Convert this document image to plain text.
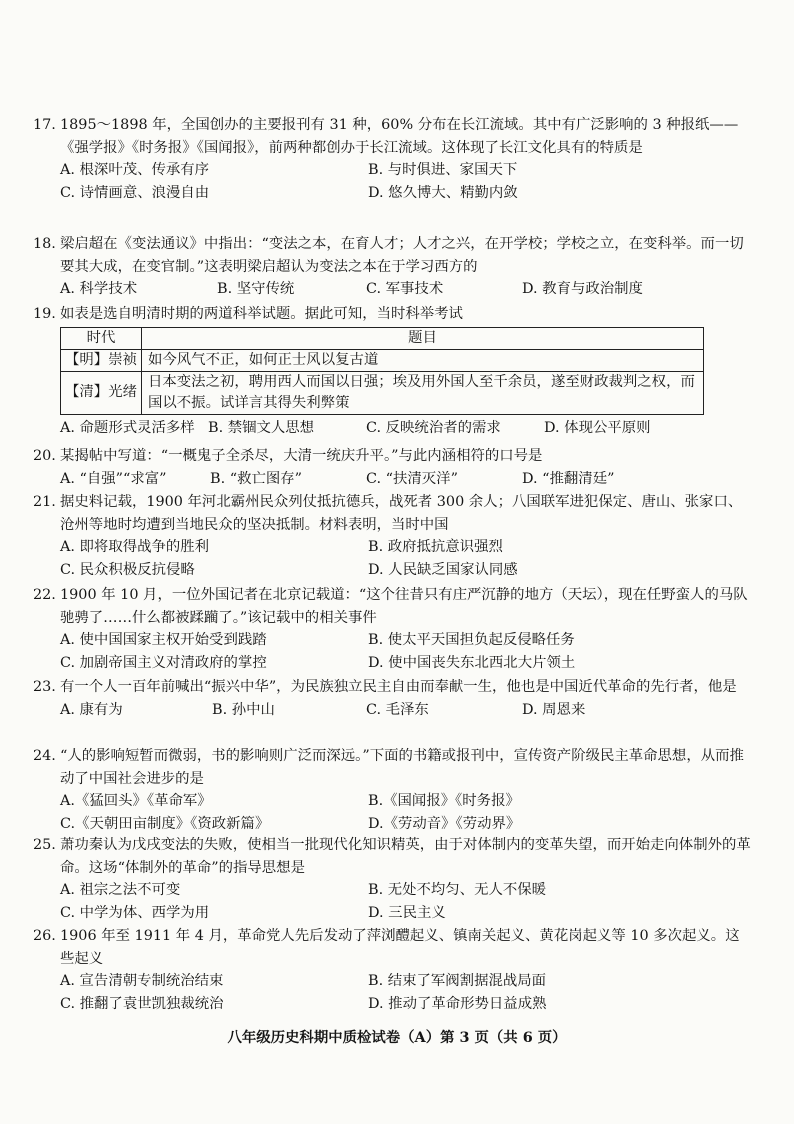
17. 1895～1898 年，全国创办的主要报刊有 31 种，60% 分布在长江流域。其中有广泛影响的 3 种报纸——《强学报》《时务报》《国闻报》，前两种都创办于长江流域。这体现了长江文化具有的特质是
A. 根深叶茂、传承有序	B. 与时俱进、家国天下
C. 诗情画意、浪漫自由	D. 悠久博大、精勤内敛
18. 梁启超在《变法通议》中指出：“变法之本，在育人才；人才之兴，在开学校；学校之立，在变科举。而一切要其大成，在变官制。”这表明梁启超认为变法之本在于学习西方的
A. 科学技术	B. 坚守传统	C. 军事技术	D. 教育与政治制度
19. 如表是选自明清时期的两道科举试题。据此可知，当时科举考试
时代	题目
【明】崇祯	如今风气不正，如何正士风以复古道
【清】光绪	日本变法之初，聘用西人而国以日强；埃及用外国人至千余员，遂至财政裁判之权，而国以不振。试详言其得失利弊策
A. 命题形式灵活多样 B. 禁锢文人思想	C. 反映统治者的需求	D. 体现公平原则
20. 某揭帖中写道：“一概鬼子全杀尽，大清一统庆升平。”与此内涵相符的口号是
A. “自强”“求富”	B. “救亡图存”	C. “扶清灭洋”	D. “推翻清廷”
21. 据史料记载，1900 年河北霸州民众列仗抵抗德兵，战死者 300 余人；八国联军进犯保定、唐山、张家口、沧州等地时均遭到当地民众的坚决抵制。材料表明，当时中国
A. 即将取得战争的胜利	B. 政府抵抗意识强烈
C. 民众积极反抗侵略	D. 人民缺乏国家认同感
22. 1900 年 10 月，一位外国记者在北京记载道：“这个往昔只有庄严沉静的地方（天坛），现在任野蛮人的马队驰骋了……什么都被蹂躏了。”该记载中的相关事件
A. 使中国国家主权开始受到践踏	B. 使太平天国担负起反侵略任务
C. 加剧帝国主义对清政府的掌控	D. 使中国丧失东北西北大片领土
23. 有一个人一百年前喊出“振兴中华”，为民族独立民主自由而奉献一生，他也是中国近代革命的先行者，他是
A. 康有为	B. 孙中山	C. 毛泽东	D. 周恩来
24. “人的影响短暂而微弱，书的影响则广泛而深远。”下面的书籍或报刊中，宣传资产阶级民主革命思想，从而推动了中国社会进步的是
A.《猛回头》《革命军》	B.《国闻报》《时务报》
C.《天朝田亩制度》《资政新篇》	D.《劳动音》《劳动界》
25. 萧功秦认为戊戌变法的失败，使相当一批现代化知识精英，由于对体制内的变革失望，而开始走向体制外的革命。这场“体制外的革命”的指导思想是
A. 祖宗之法不可变	B. 无处不均匀、无人不保暖
C. 中学为体、西学为用	D. 三民主义
26. 1906 年至 1911 年 4 月，革命党人先后发动了萍浏醴起义、镇南关起义、黄花岗起义等 10 多次起义。这些起义
A. 宣告清朝专制统治结束	B. 结束了军阀割据混战局面
C. 推翻了袁世凯独裁统治	D. 推动了革命形势日益成熟
八年级历史科期中质检试卷（A）第 3 页（共 6 页）
